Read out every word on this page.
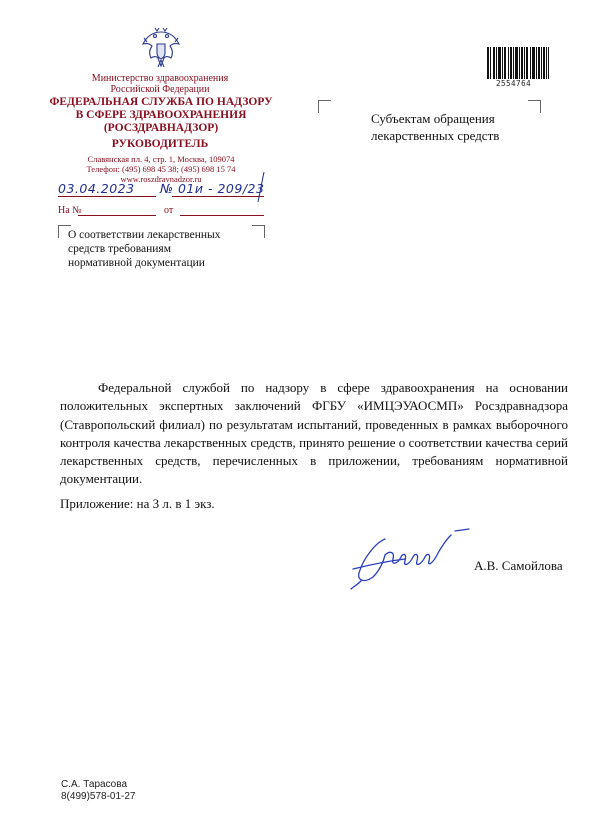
Министерство здравоохранения
Российской Федерации
ФЕДЕРАЛЬНАЯ СЛУЖБА ПО НАДЗОРУ
В СФЕРЕ ЗДРАВООХРАНЕНИЯ
(РОСЗДРАВНАДЗОР)
РУКОВОДИТЕЛЬ
Славянская пл. 4, стр. 1, Москва, 109074
Телефон: (495) 698 45 38; (495) 698 15 74
www.roszdravnadzor.ru
03.04.2023 № 01и - 209/23
На №	от
2554764
Субъектам обращения
лекарственных средств
О соответствии лекарственных
средств требованиям
нормативной документации

Федеральной службой по надзору в сфере здравоохранения на основании положительных экспертных заключений ФГБУ «ИМЦЭУАОСМП» Росздравнадзора (Ставропольский филиал) по результатам испытаний, проведенных в рамках выборочного контроля качества лекарственных средств, принято решение о соответствии качества серий лекарственных средств, перечисленных в приложении, требованиям нормативной документации.

Приложение: на 3 л. в 1 экз.
А.В. Самойлова
С.А. Тарасова
8(499)578-01-27
